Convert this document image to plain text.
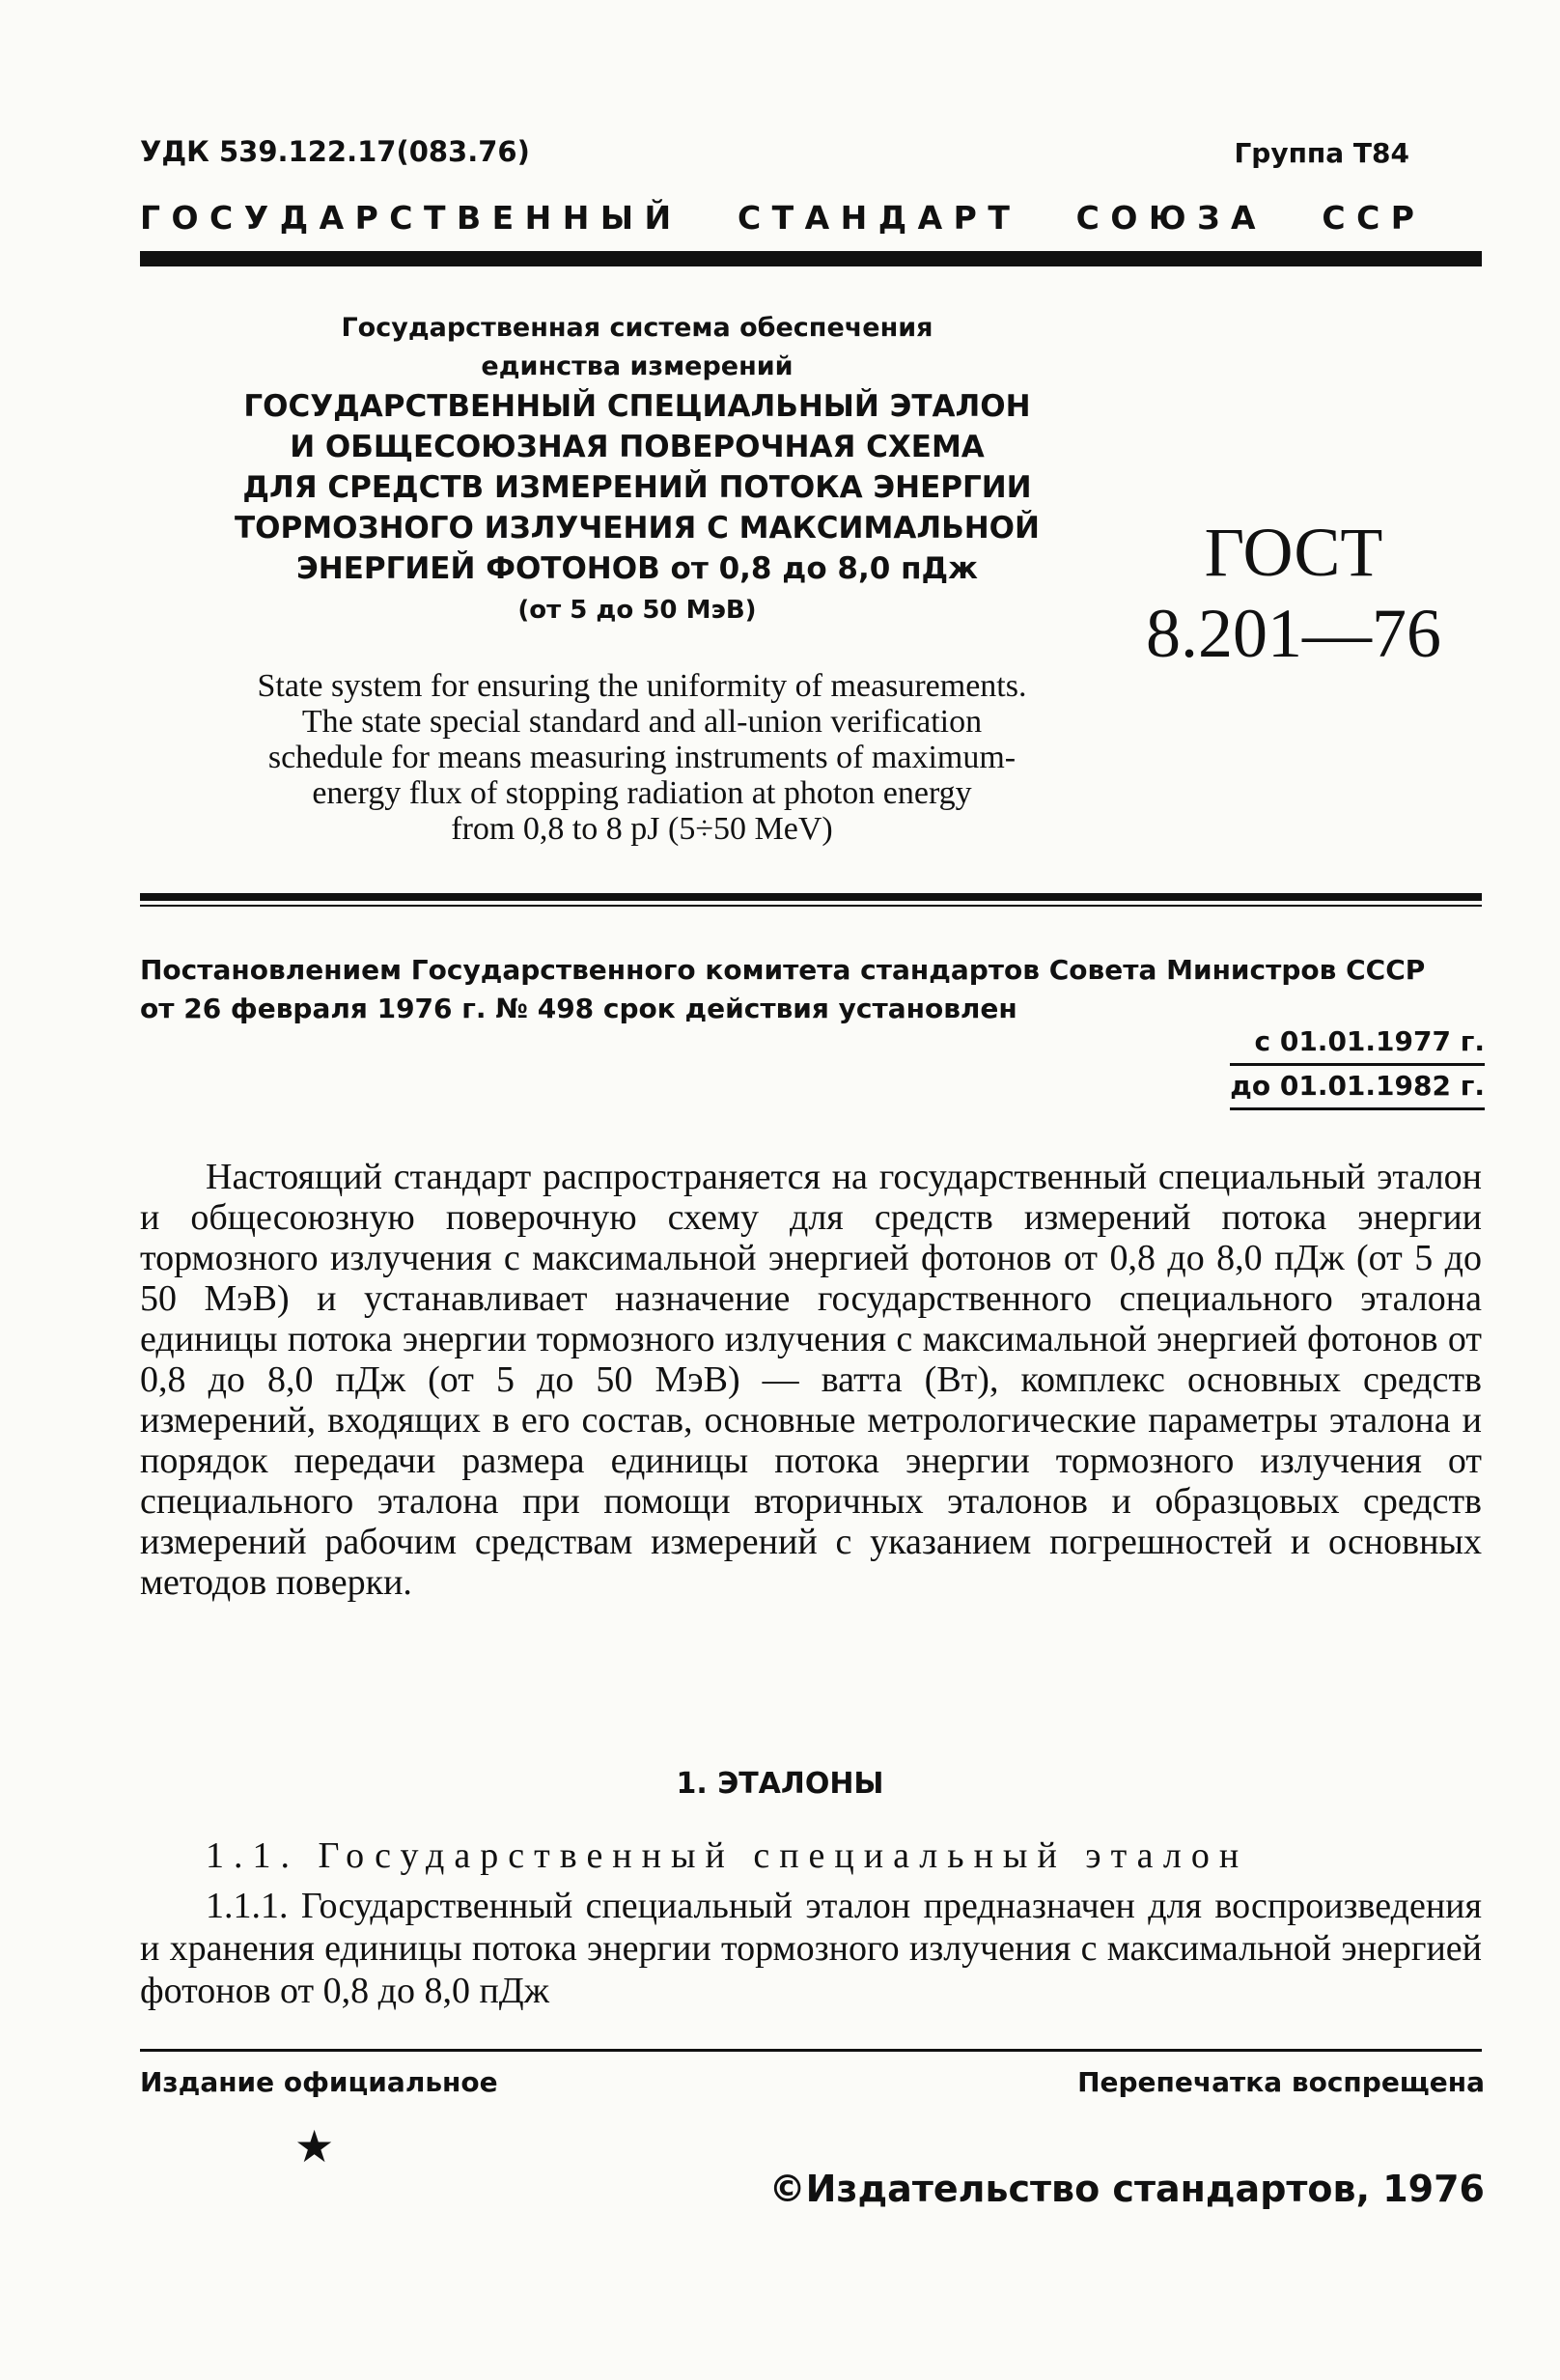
УДК 539.122.17(083.76)	Группа Т84
Г О С У Д А Р С Т В Е Н Н Ы Й С Т А Н Д А Р Т С О Ю З А С С Р
Государственная система обеспечения
единства измерений
ГОСУДАРСТВЕННЫЙ СПЕЦИАЛЬНЫЙ ЭТАЛОН
И ОБЩЕСОЮЗНАЯ ПОВЕРОЧНАЯ СХЕМА
ДЛЯ СРЕДСТВ ИЗМЕРЕНИЙ ПОТОКА ЭНЕРГИИ
ТОРМОЗНОГО ИЗЛУЧЕНИЯ С МАКСИМАЛЬНОЙ
ЭНЕРГИЕЙ ФОТОНОВ от 0,8 до 8,0 пДж
(от 5 до 50 МэВ)
ГОСТ
8.201—76
State system for ensuring the uniformity of measurements.
The state special standard and all-union verification
schedule for means measuring instruments of maximum-
energy flux of stopping radiation at photon energy
from 0,8 to 8 pJ (5÷50 MeV)
Постановлением Государственного комитета стандартов Совета Министров СССР
от 26 февраля 1976 г. № 498 срок действия установлен
с 01.01.1977 г.
до 01.01.1982 г.

Настоящий стандарт распространяется на государственный специальный эталон и общесоюзную поверочную схему для средств измерений потока энергии тормозного излучения с максимальной энергией фотонов от 0,8 до 8,0 пДж (от 5 до 50 МэВ) и устанавливает назначение государственного специального эталона единицы потока энергии тормозного излучения с максимальной энергией фотонов от 0,8 до 8,0 пДж (от 5 до 50 МэВ) — ватта (Вт), комплекс основных средств измерений, входящих в его состав, основные метрологические параметры эталона и порядок передачи размера единицы потока энергии тормозного излучения от специального эталона при помощи вторичных эталонов и образцовых средств измерений рабочим средствам измерений с указанием погрешностей и основных методов поверки.

1. ЭТАЛОНЫ
1.1. Государственный специальный эталон

1.1.1. Государственный специальный эталон предназначен для воспроизведения и хранения единицы потока энергии тормозного излучения с максимальной энергией фотонов от 0,8 до 8,0 пДж

Издание официальное	Перепечатка воспрещена
★
©Издательство стандартов, 1976
